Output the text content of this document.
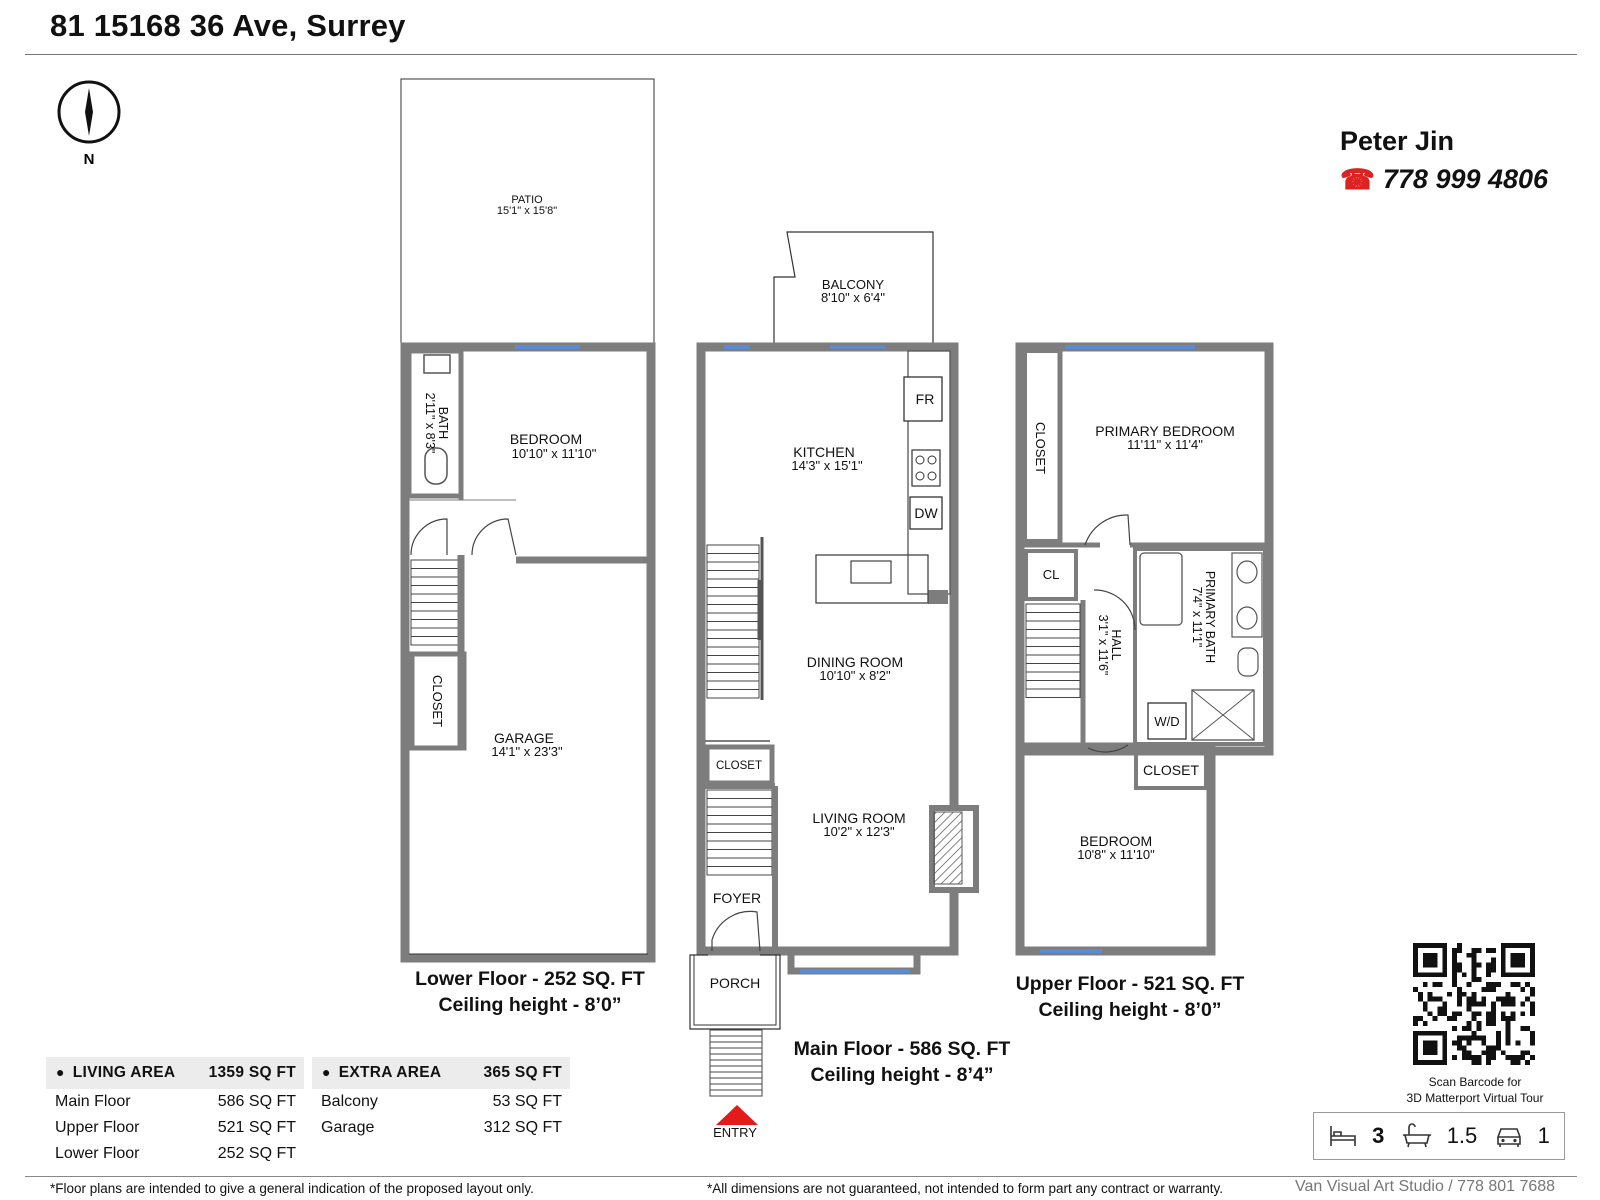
81 15168 36 Ave, Surrey
Peter Jin
☎ 778 999 4806
N
PATIO
15'1" x 15'8"
BATH
2'11" x 8'3"	BEDROOM
10'10" x 11'10"
CLOSET
GARAGE
14'1" x 23'3"
BALCONY
8'10" x 6'4"
KITCHEN
14'3" x 15'1"
FR
DW
DINING ROOM
10'10" x 8'2"
CLOSET
LIVING ROOM
10'2" x 12'3"
FOYER
PORCH
ENTRY
CLOSET	PRIMARY BEDROOM
11'11" x 11'4"
CL
HALL
3'1" x 11'6"	PRIMARY BATH
7'4" x 11'1"
W/D
CLOSET
BEDROOM
10'8" x 11'10"
Lower Floor - 252 SQ. FT
Ceiling height - 8’0”
Main Floor - 586 SQ. FT
Ceiling height - 8’4”
Upper Floor - 521 SQ. FT
Ceiling height - 8’0”
● LIVING AREA 1359 SQ FT
Main Floor	586 SQ FT
Upper Floor	521 SQ FT
Lower Floor	252 SQ FT
● EXTRA AREA	365 SQ FT
Balcony	53 SQ FT
Garage	312 SQ FT
Scan Barcode for
3D Matterport Virtual Tour
3	1.5	1
*Floor plans are intended to give a general indication of the proposed layout only.	*All dimensions are not guaranteed, not intended to form part any contract or warranty.	Van Visual Art Studio / 778 801 7688
